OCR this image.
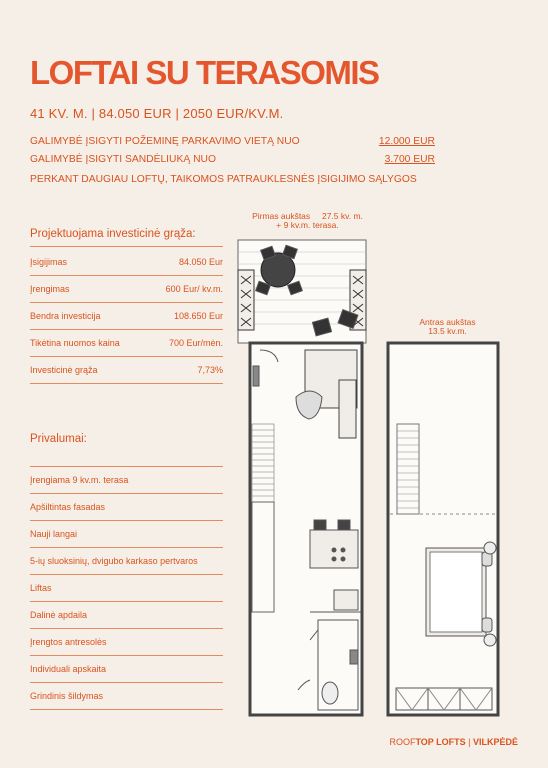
LOFTAI SU TERASOMIS
41 KV. M. | 84.050 EUR | 2050 EUR/KV.M.
GALIMYBĖ ĮSIGYTI POŽEMINĘ PARKAVIMO VIETĄ NUO	12.000 EUR
GALIMYBĖ ĮSIGYTI SANDĖLIUKĄ NUO	3.700 EUR
PERKANT DAUGIAU LOFTŲ, TAIKOMOS PATRAUKLESNĖS ĮSIGIJIMO SĄLYGOS
Projektuojama investicinė grąža:
Įsigijimas	84.050 Eur
Įrengimas	600 Eur/ kv.m.
Bendra investicija	108.650 Eur
Tikėtina nuomos kaina	700 Eur/mėn.
Investicinė grąža	7,73%
Privalumai:
Įrengiama 9 kv.m. terasa
Apšiltintas fasadas
Nauji langai
5-ių sluoksinių, dvigubo karkaso pertvaros
Liftas
Dalinė apdaila
Įrengtos antresolės
Individuali apskaita
Grindinis šildymas
Pirmas aukštas 27.5 kv. m.
+ 9 kv.m. terasa.
Antras aukštas
13.5 kv.m.
ROOFTOP LOFTS | VILKPĖDĖ
